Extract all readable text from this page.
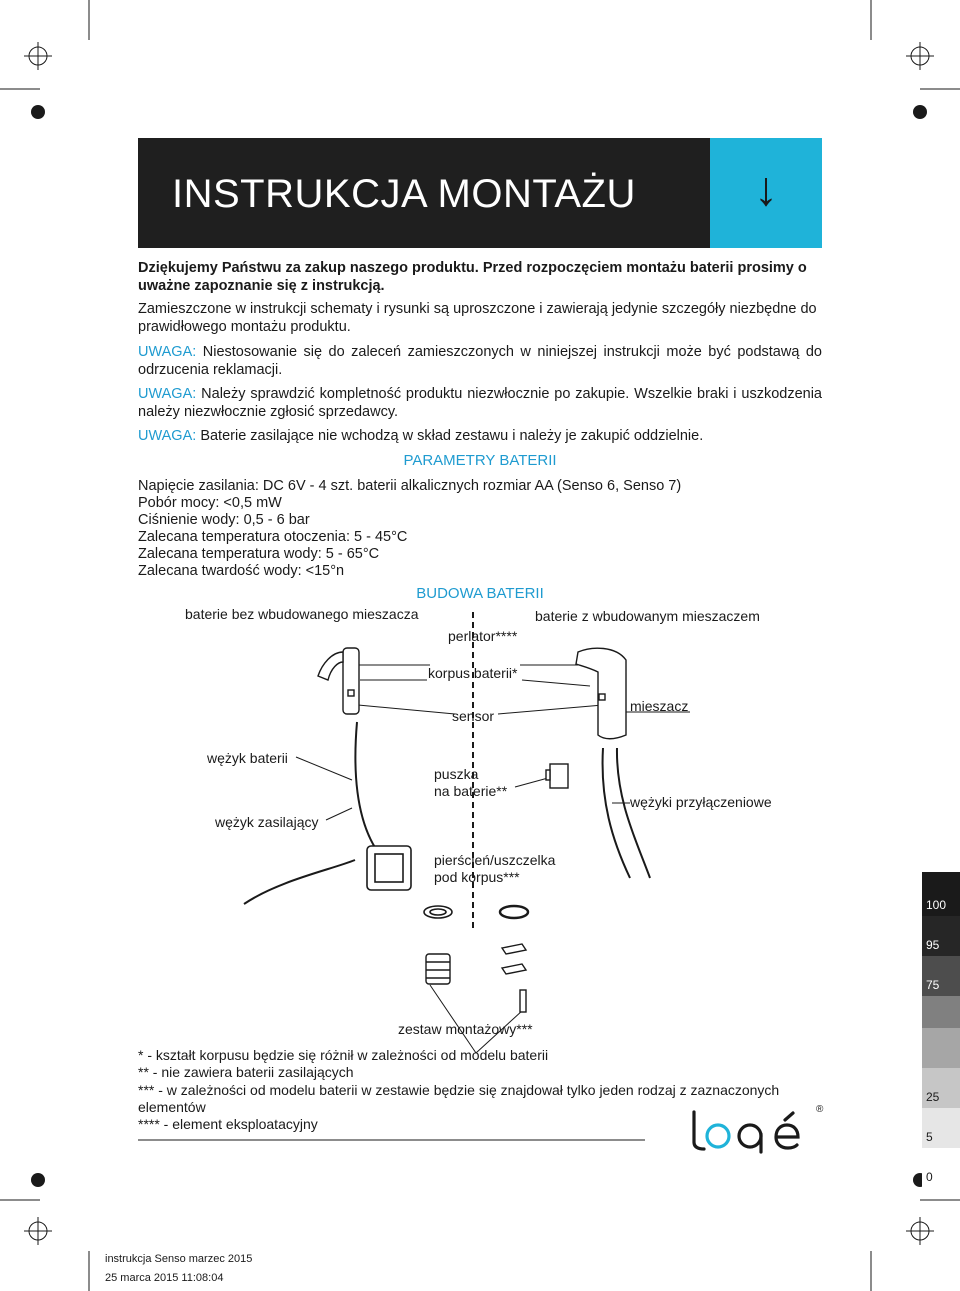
INSTRUKCJA MONTAŻU	↓
Dziękujemy Państwu za zakup naszego produktu. Przed rozpoczęciem montażu baterii prosimy o uważne zapoznanie się z instrukcją.
Zamieszczone w instrukcji schematy i rysunki są uproszczone i zawierają jedynie szczegóły niezbędne do prawidłowego montażu produktu.
UWAGA: Niestosowanie się do zaleceń zamieszczonych w niniejszej instrukcji może być podstawą do odrzucenia reklamacji.
UWAGA: Należy sprawdzić kompletność produktu niezwłocznie po zakupie. Wszelkie braki i uszkodzenia należy niezwłocznie zgłosić sprzedawcy.
UWAGA: Baterie zasilające nie wchodzą w skład zestawu i należy je zakupić oddzielnie.
PARAMETRY BATERII
Napięcie zasilania: DC 6V - 4 szt. baterii alkalicznych rozmiar AA (Senso 6, Senso 7)
Pobór mocy: <0,5 mW
Ciśnienie wody: 0,5 - 6 bar
Zalecana temperatura otoczenia: 5 - 45°C
Zalecana temperatura wody: 5 - 65°C
Zalecana twardość wody: <15°n
BUDOWA BATERII
baterie bez wbudowanego mieszacza	baterie z wbudowanym mieszaczem
perlator****
korpus baterii*
sensor
mieszacz
wężyk baterii
wężyk zasilający
puszka
na baterie**
wężyki przyłączeniowe
pierścień/uszczelka
pod korpus***
zestaw montażowy***
* - kształt korpusu będzie się różnił w zależności od modelu baterii
** - nie zawiera baterii zasilających
*** - w zależności od modelu baterii w zestawie będzie się znajdował tylko jeden rodzaj z zaznaczonych elementów
**** - element eksploatacyjny
®
100
95
75
25
5
0
instrukcja Senso marzec 2015
25 marca 2015 11:08:04
